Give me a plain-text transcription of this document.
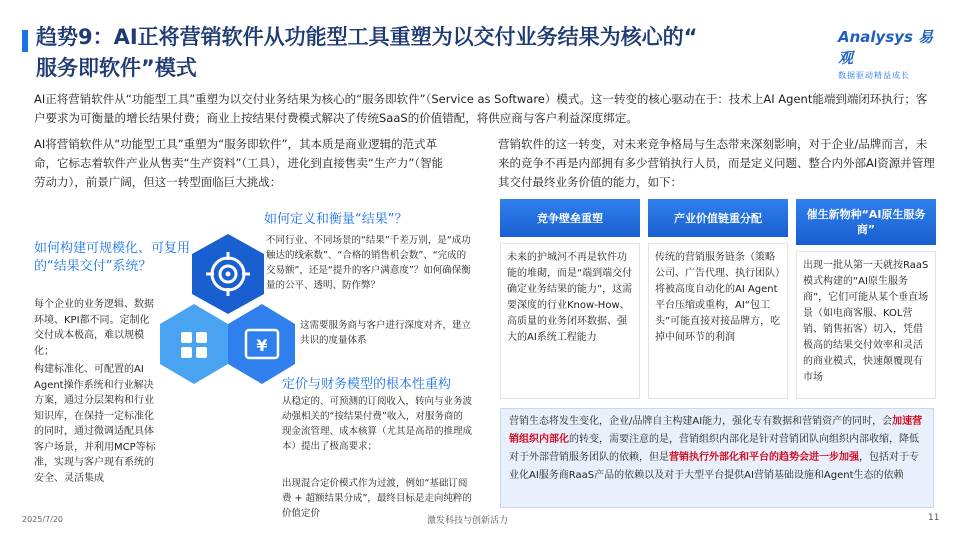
趋势9：AI正将营销软件从功能型工具重塑为以交付业务结果为核心的“
服务即软件”模式
Analysys 易观
数据驱动精益成长
AI正将营销软件从“功能型工具”重塑为以交付业务结果为核心的“服务即软件”（Service as Software）模式。这一转变的核心驱动在于：技术上AI Agent能端到端闭环执行；客户要求为可衡量的增长结果付费；商业上按结果付费模式解决了传统SaaS的价值错配，将供应商与客户利益深度绑定。
AI将营销软件从“功能型工具”重塑为“服务即软件”，其本质是商业逻辑的范式革命，它标志着软件产业从售卖“生产资料”（工具），进化到直接售卖“生产力”（智能劳动力），前景广阔，但这一转型面临巨大挑战：
营销软件的这一转变，对未来竞争格局与生态带来深刻影响，对于企业/品牌而言，未来的竞争不再是内部拥有多少营销执行人员，而是定义问题、整合内外部AI资源并管理其交付最终业务价值的能力，如下：
如何构建可规模化、可复用的“结果交付”系统？
每个企业的业务逻辑、数据环境、KPI都不同。定制化交付成本极高，难以规模化；
构建标准化、可配置的AI Agent操作系统和行业解决方案，通过分层架构和行业知识库，在保持一定标准化的同时，通过微调适配具体客户场景，并利用MCP等标准，实现与客户现有系统的安全、灵活集成
¥
如何定义和衡量“结果”？
不同行业、不同场景的“结果”千差万别，是“成功触达的线索数”、“合格的销售机会数”、“完成的交易额”，还是“提升的客户满意度”？如何确保衡量的公平、透明、防作弊？
这需要服务商与客户进行深度对齐，建立共识的度量体系
定价与财务模型的根本性重构
从稳定的、可预测的订阅收入，转向与业务波动强相关的“按结果付费”收入，对服务商的现金流管理、成本核算（尤其是高昂的推理成本）提出了极高要求；
出现混合定价模式作为过渡，例如“基础订阅费 + 超额结果分成”，最终目标是走向纯粹的价值定价
竞争壁垒重塑
未来的护城河不再是软件功能的堆砌，而是“端到端交付确定业务结果的能力”，这需要深度的行业Know-How、高质量的业务闭环数据、强大的AI系统工程能力
产业价值链重分配
传统的营销服务链条（策略公司、广告代理、执行团队）将被高度自动化的AI Agent平台压缩或重构，AI“包工头”可能直接对接品牌方，吃掉中间环节的利润
催生新物种“AI原生服务商”
出现一批从第一天就按RaaS模式构建的“AI原生服务商”，它们可能从某个垂直场景（如电商客服、KOL营销、销售拓客）切入，凭借极高的结果交付效率和灵活的商业模式，快速颠覆现有市场
营销生态将发生变化，企业/品牌自主构建AI能力，强化专有数据和营销资产的同时，会加速营销组织内部化的转变，需要注意的是，营销组织内部化是针对营销团队向组织内部收缩，降低对于外部营销服务团队的依赖，但是营销执行外部化和平台的趋势会进一步加强，包括对于专业化AI服务商RaaS产品的依赖以及对于大型平台提供AI营销基础设施和Agent生态的依赖
2025/7/20	激发科技与创新活力	11
